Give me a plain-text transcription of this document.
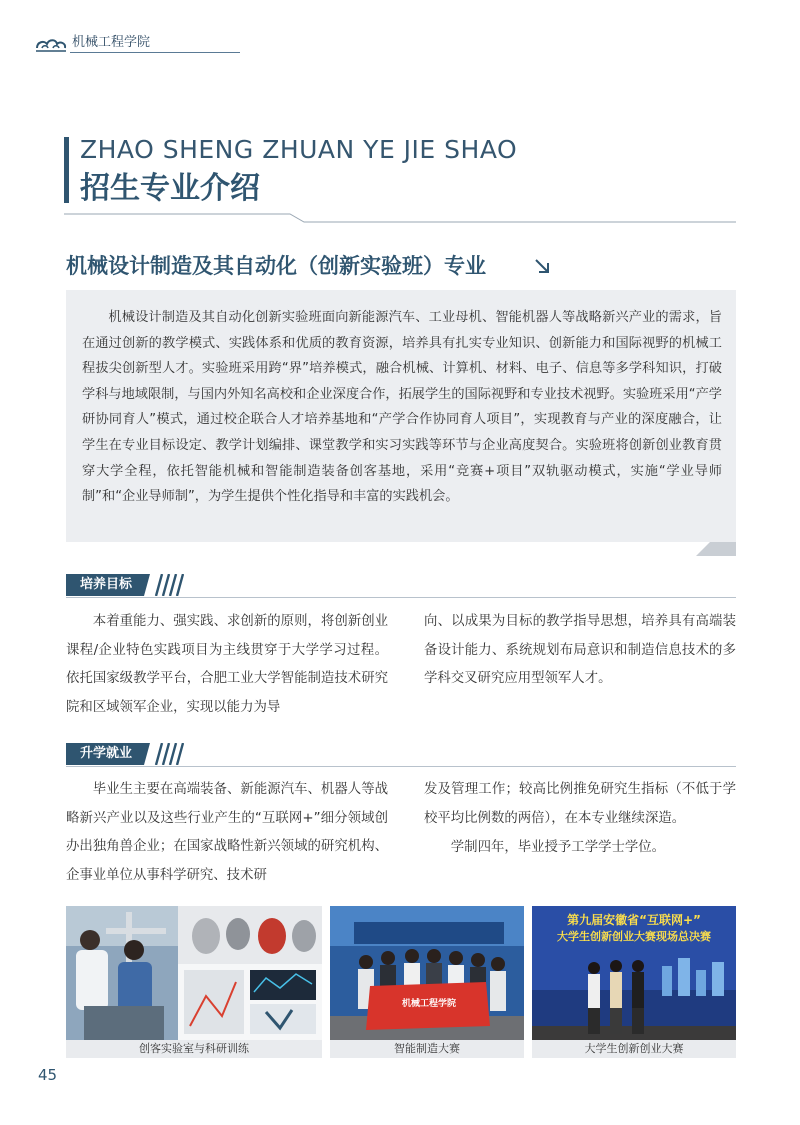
机械工程学院
ZHAO SHENG ZHUAN YE JIE SHAO
招生专业介绍
机械设计制造及其自动化（创新实验班）专业

机械设计制造及其自动化创新实验班面向新能源汽车、工业母机、智能机器人等战略新兴产业的需求，旨在通过创新的教学模式、实践体系和优质的教育资源，培养具有扎实专业知识、创新能力和国际视野的机械工程拔尖创新型人才。实验班采用跨“界”培养模式，融合机械、计算机、材料、电子、信息等多学科知识，打破学科与地域限制，与国内外知名高校和企业深度合作，拓展学生的国际视野和专业技术视野。实验班采用“产学研协同育人”模式，通过校企联合人才培养基地和“产学合作协同育人项目”，实现教育与产业的深度融合，让学生在专业目标设定、教学计划编排、课堂教学和实习实践等环节与企业高度契合。实验班将创新创业教育贯穿大学全程，依托智能机械和智能制造装备创客基地，采用“竞赛+项目”双轨驱动模式，实施“学业导师制”和“企业导师制”，为学生提供个性化指导和丰富的实践机会。

培养目标

本着重能力、强实践、求创新的原则，将创新创业课程/企业特色实践项目为主线贯穿于大学学习过程。依托国家级教学平台，合肥工业大学智能制造技术研究院和区域领军企业，实现以能力为导

向、以成果为目标的教学指导思想，培养具有高端装备设计能力、系统规划布局意识和制造信息技术的多学科交叉研究应用型领军人才。

升学就业

毕业生主要在高端装备、新能源汽车、机器人等战略新兴产业以及这些行业产生的“互联网+”细分领域创办出独角兽企业；在国家战略性新兴领域的研究机构、企事业单位从事科学研究、技术研

发及管理工作；较高比例推免研究生指标（不低于学校平均比例数的两倍），在本专业继续深造。

学制四年，毕业授予工学学士学位。

创客实验室与科研训练
机械工程学院
智能制造大赛
第九届安徽省“互联网+”
大学生创新创业大赛现场总决赛
大学生创新创业大赛
45
